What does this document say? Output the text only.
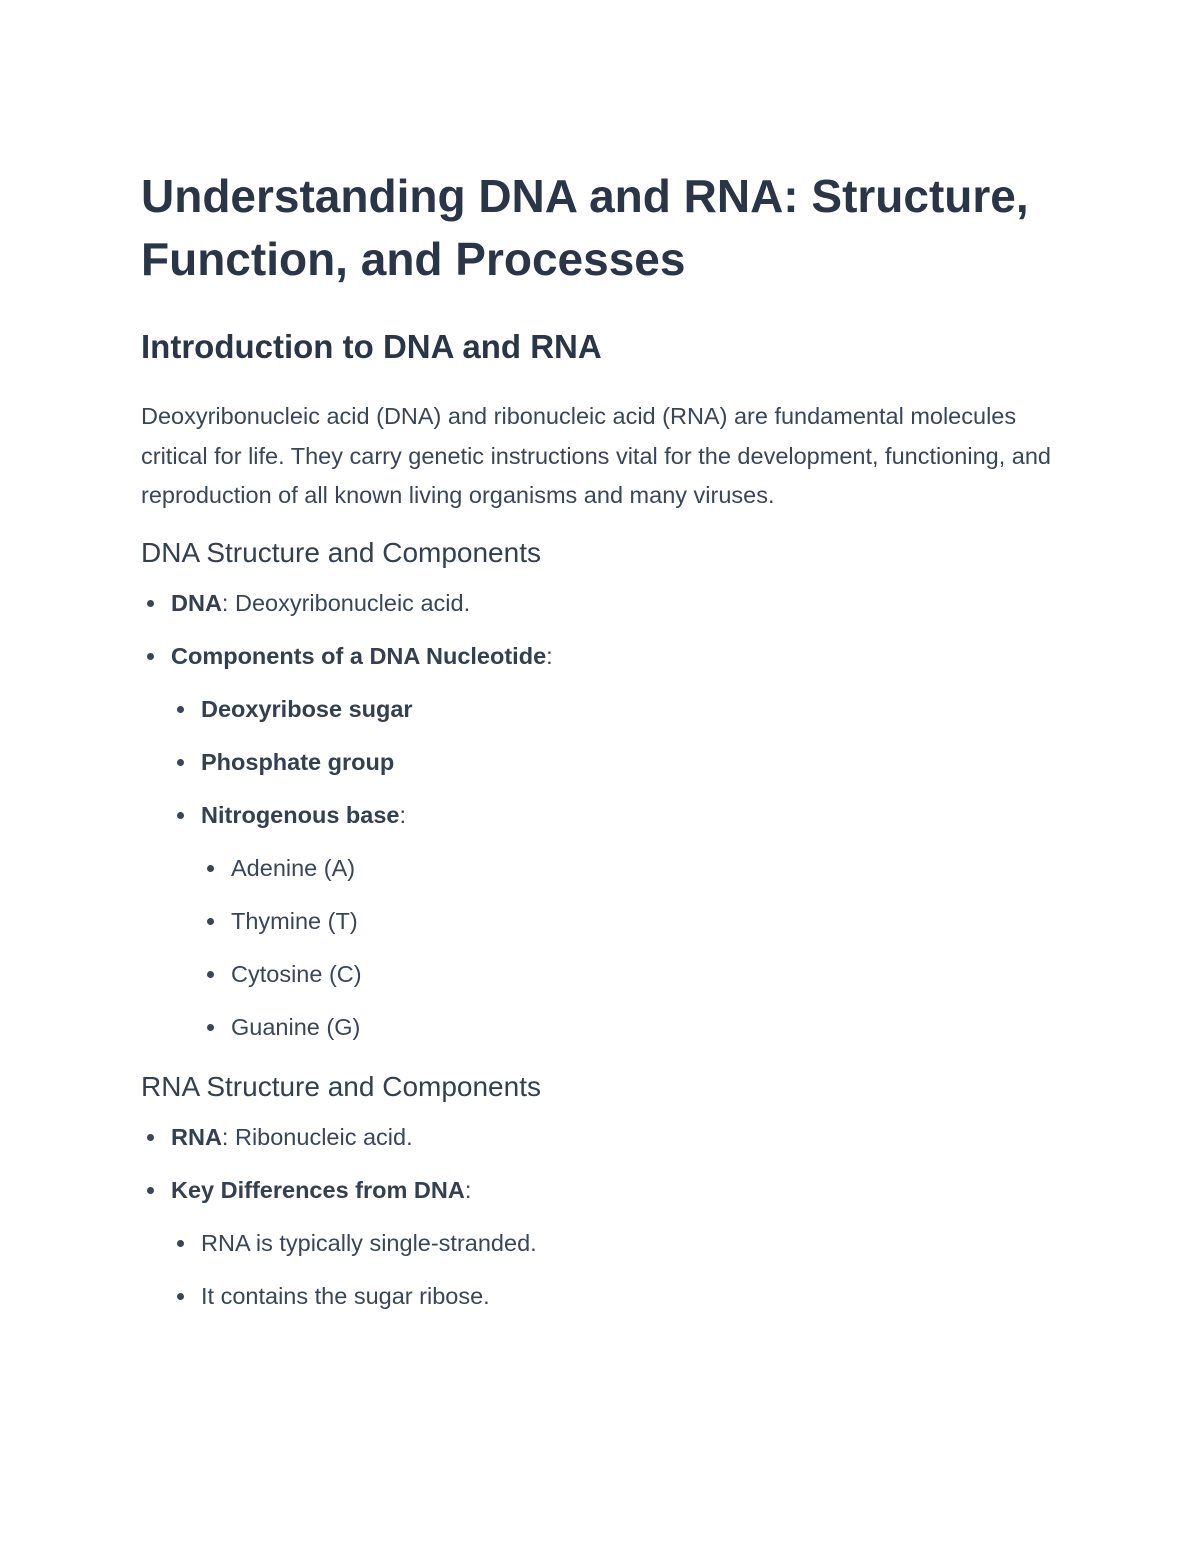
Understanding DNA and RNA: Structure, Function, and Processes
Introduction to DNA and RNA

Deoxyribonucleic acid (DNA) and ribonucleic acid (RNA) are fundamental molecules critical for life. They carry genetic instructions vital for the development, functioning, and reproduction of all known living organisms and many viruses.

DNA Structure and Components
DNA: Deoxyribonucleic acid.
Components of a DNA Nucleotide:
Deoxyribose sugar
Phosphate group
Nitrogenous base:
Adenine (A)
Thymine (T)
Cytosine (C)
Guanine (G)
RNA Structure and Components
RNA: Ribonucleic acid.
Key Differences from DNA:
RNA is typically single-stranded.
It contains the sugar ribose.
